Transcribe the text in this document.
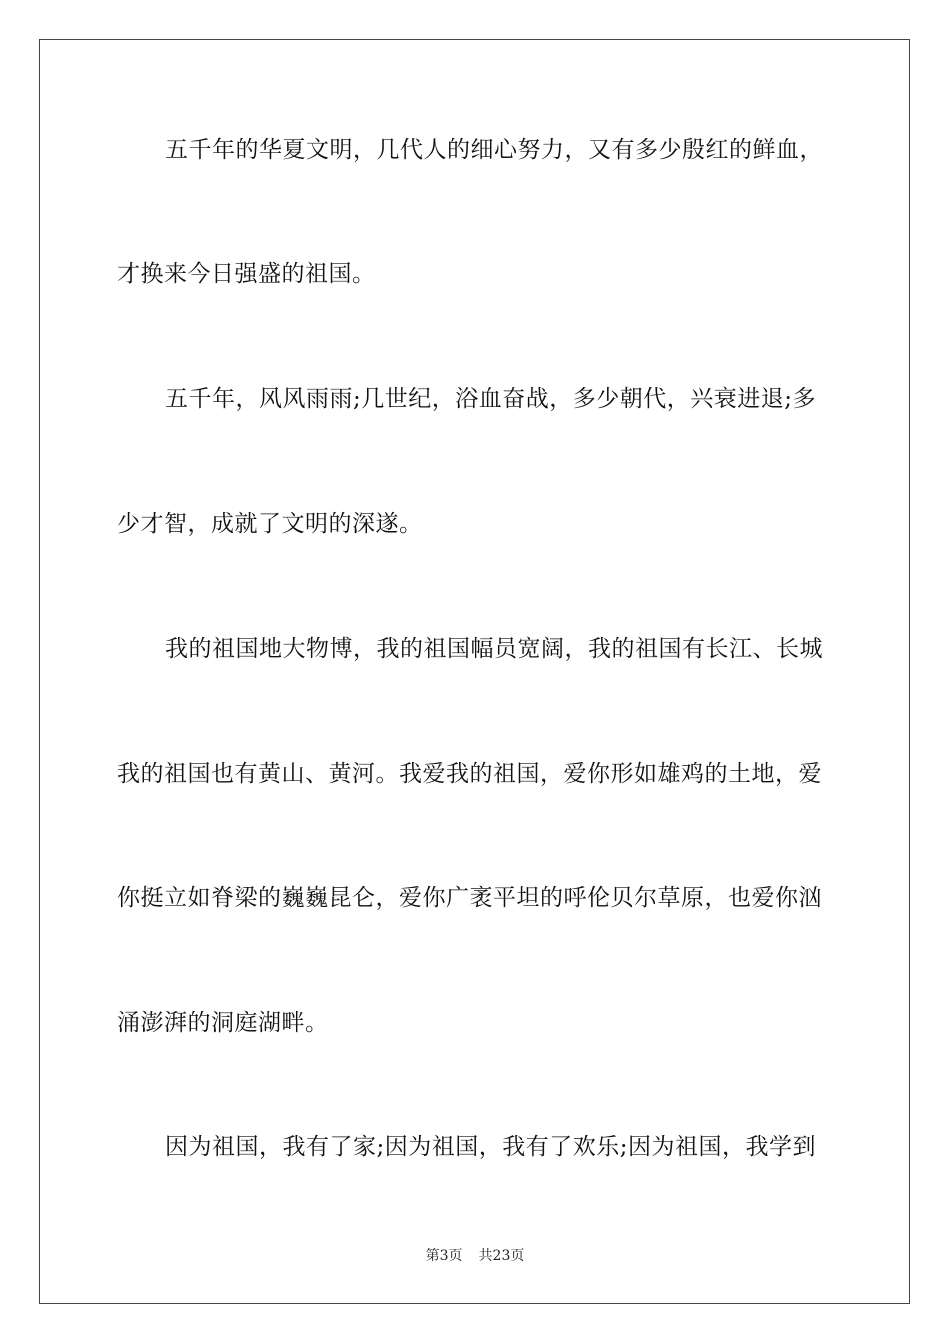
五千年的华夏文明，几代人的细心努力，又有多少殷红的鲜血，
才换来今日强盛的祖国。
五千年，风风雨雨;几世纪，浴血奋战，多少朝代，兴衰进退;多
少才智，成就了文明的深遂。
我的祖国地大物博，我的祖国幅员宽阔，我的祖国有长江、长城
我的祖国也有黄山、黄河。我爱我的祖国，爱你形如雄鸡的土地，爱
你挺立如脊梁的巍巍昆仑，爱你广袤平坦的呼伦贝尔草原，也爱你汹
涌澎湃的洞庭湖畔。
因为祖国，我有了家;因为祖国，我有了欢乐;因为祖国，我学到
第3页 共23页
